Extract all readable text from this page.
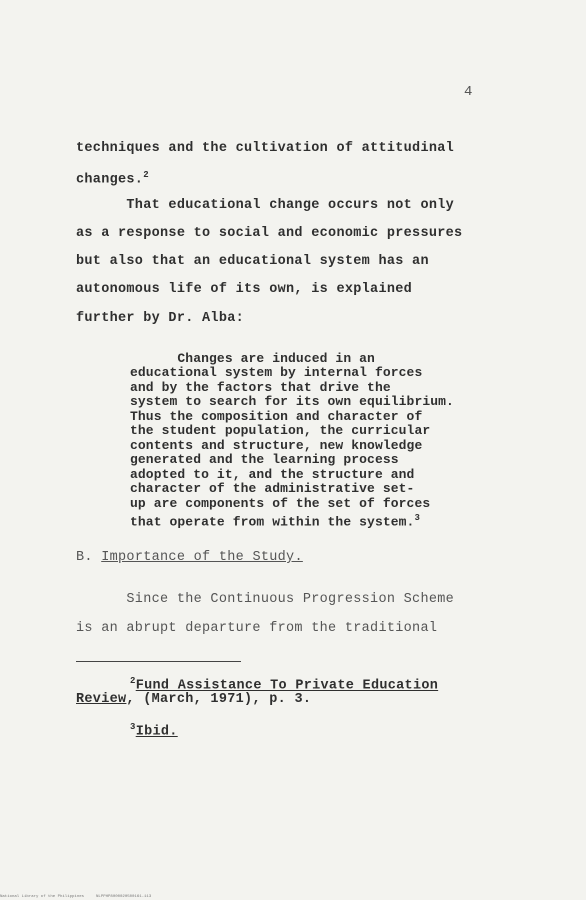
4
techniques and the cultivation of attitudinal
changes.$^2$
That educational change occurs not only
as a response to social and economic pressures
but also that an educational system has an
autonomous life of its own, is explained
further by Dr. Alba:
Changes are induced in an
educational system by internal forces
and by the factors that drive the
system to search for its own equilibrium.
Thus the composition and character of
the student population, the curricular
contents and structure, new knowledge
generated and the learning process
adopted to it, and the structure and
character of the administrative set-
up are components of the set of forces
that operate from within the system.$^3$
B. Importance of the Study.
Since the Continuous Progression Scheme
is an abrupt departure from the traditional
$^2$Fund Assistance To Private Education
Review, (March, 1971), p. 3.
$^3$Ibid.
National Library of the Philippines     NLPPHP8000020500161-113
